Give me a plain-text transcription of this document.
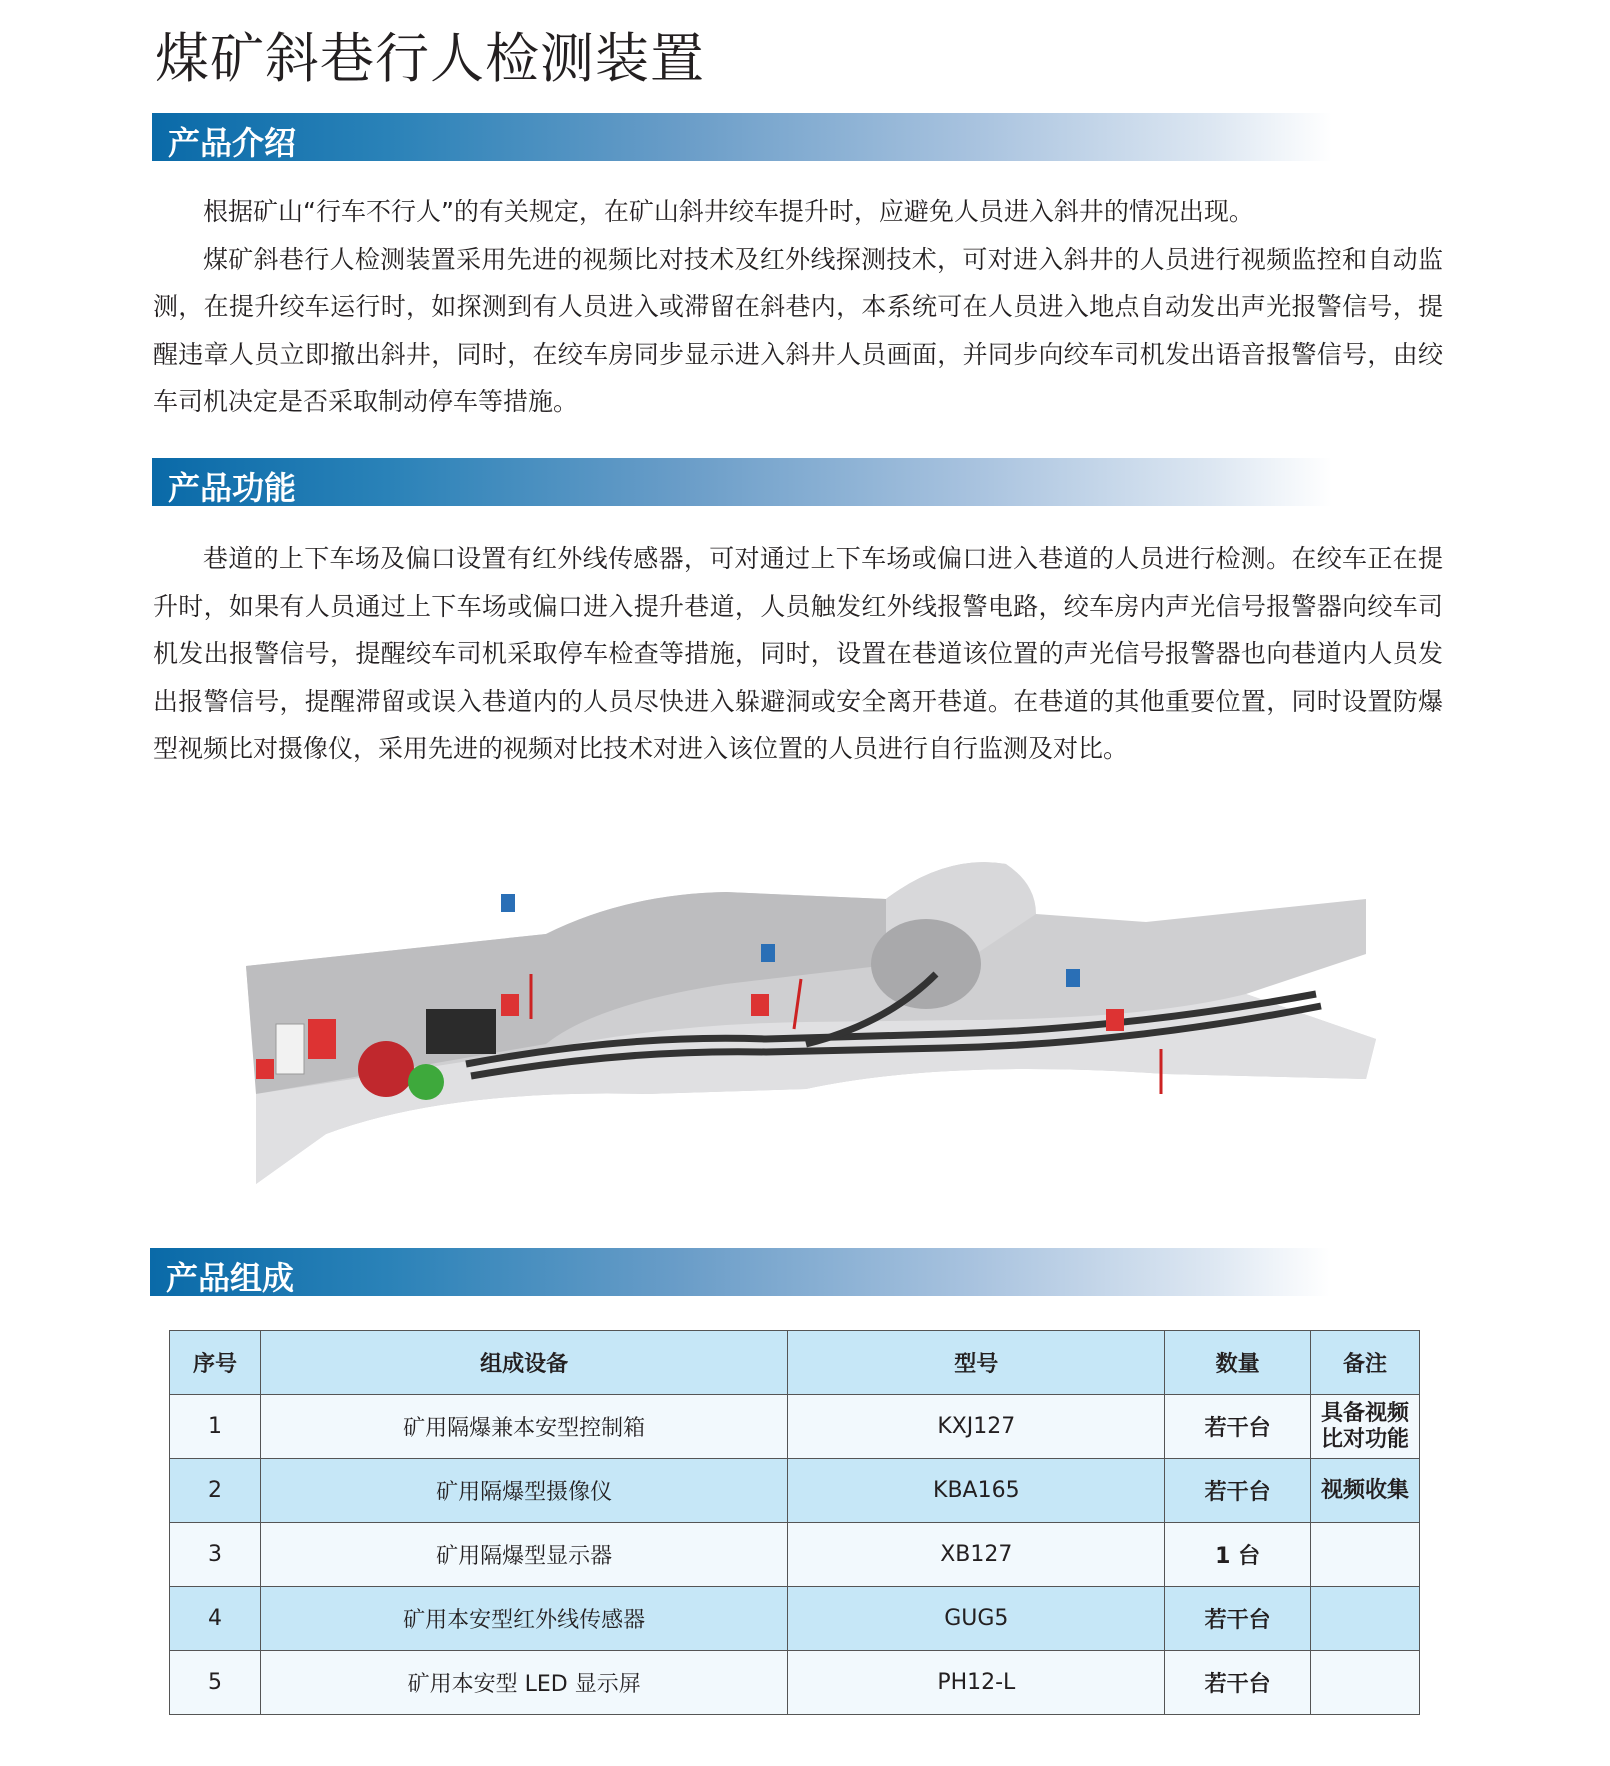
煤矿斜巷行人检测装置
产品介绍

根据矿山“行车不行人”的有关规定，在矿山斜井绞车提升时，应避免人员进入斜井的情况出现。

煤矿斜巷行人检测装置采用先进的视频比对技术及红外线探测技术，可对进入斜井的人员进行视频监控和自动监测，在提升绞车运行时，如探测到有人员进入或滞留在斜巷内，本系统可在人员进入地点自动发出声光报警信号，提醒违章人员立即撤出斜井，同时，在绞车房同步显示进入斜井人员画面，并同步向绞车司机发出语音报警信号，由绞车司机决定是否采取制动停车等措施。

产品功能

巷道的上下车场及偏口设置有红外线传感器，可对通过上下车场或偏口进入巷道的人员进行检测。在绞车正在提升时，如果有人员通过上下车场或偏口进入提升巷道，人员触发红外线报警电路，绞车房内声光信号报警器向绞车司机发出报警信号，提醒绞车司机采取停车检查等措施，同时，设置在巷道该位置的声光信号报警器也向巷道内人员发出报警信号，提醒滞留或误入巷道内的人员尽快进入躲避洞或安全离开巷道。在巷道的其他重要位置，同时设置防爆型视频比对摄像仪，采用先进的视频对比技术对进入该位置的人员进行自行监测及对比。

产品组成
序号	组成设备	型号	数量	备注
1	矿用隔爆兼本安型控制箱	KXJ127	若干台	具备视频比对功能
2	矿用隔爆型摄像仪	KBA165	若干台	视频收集
3	矿用隔爆型显示器	XB127	1 台	
4	矿用本安型红外线传感器	GUG5	若干台	
5	矿用本安型 LED 显示屏	PH12-L	若干台	
